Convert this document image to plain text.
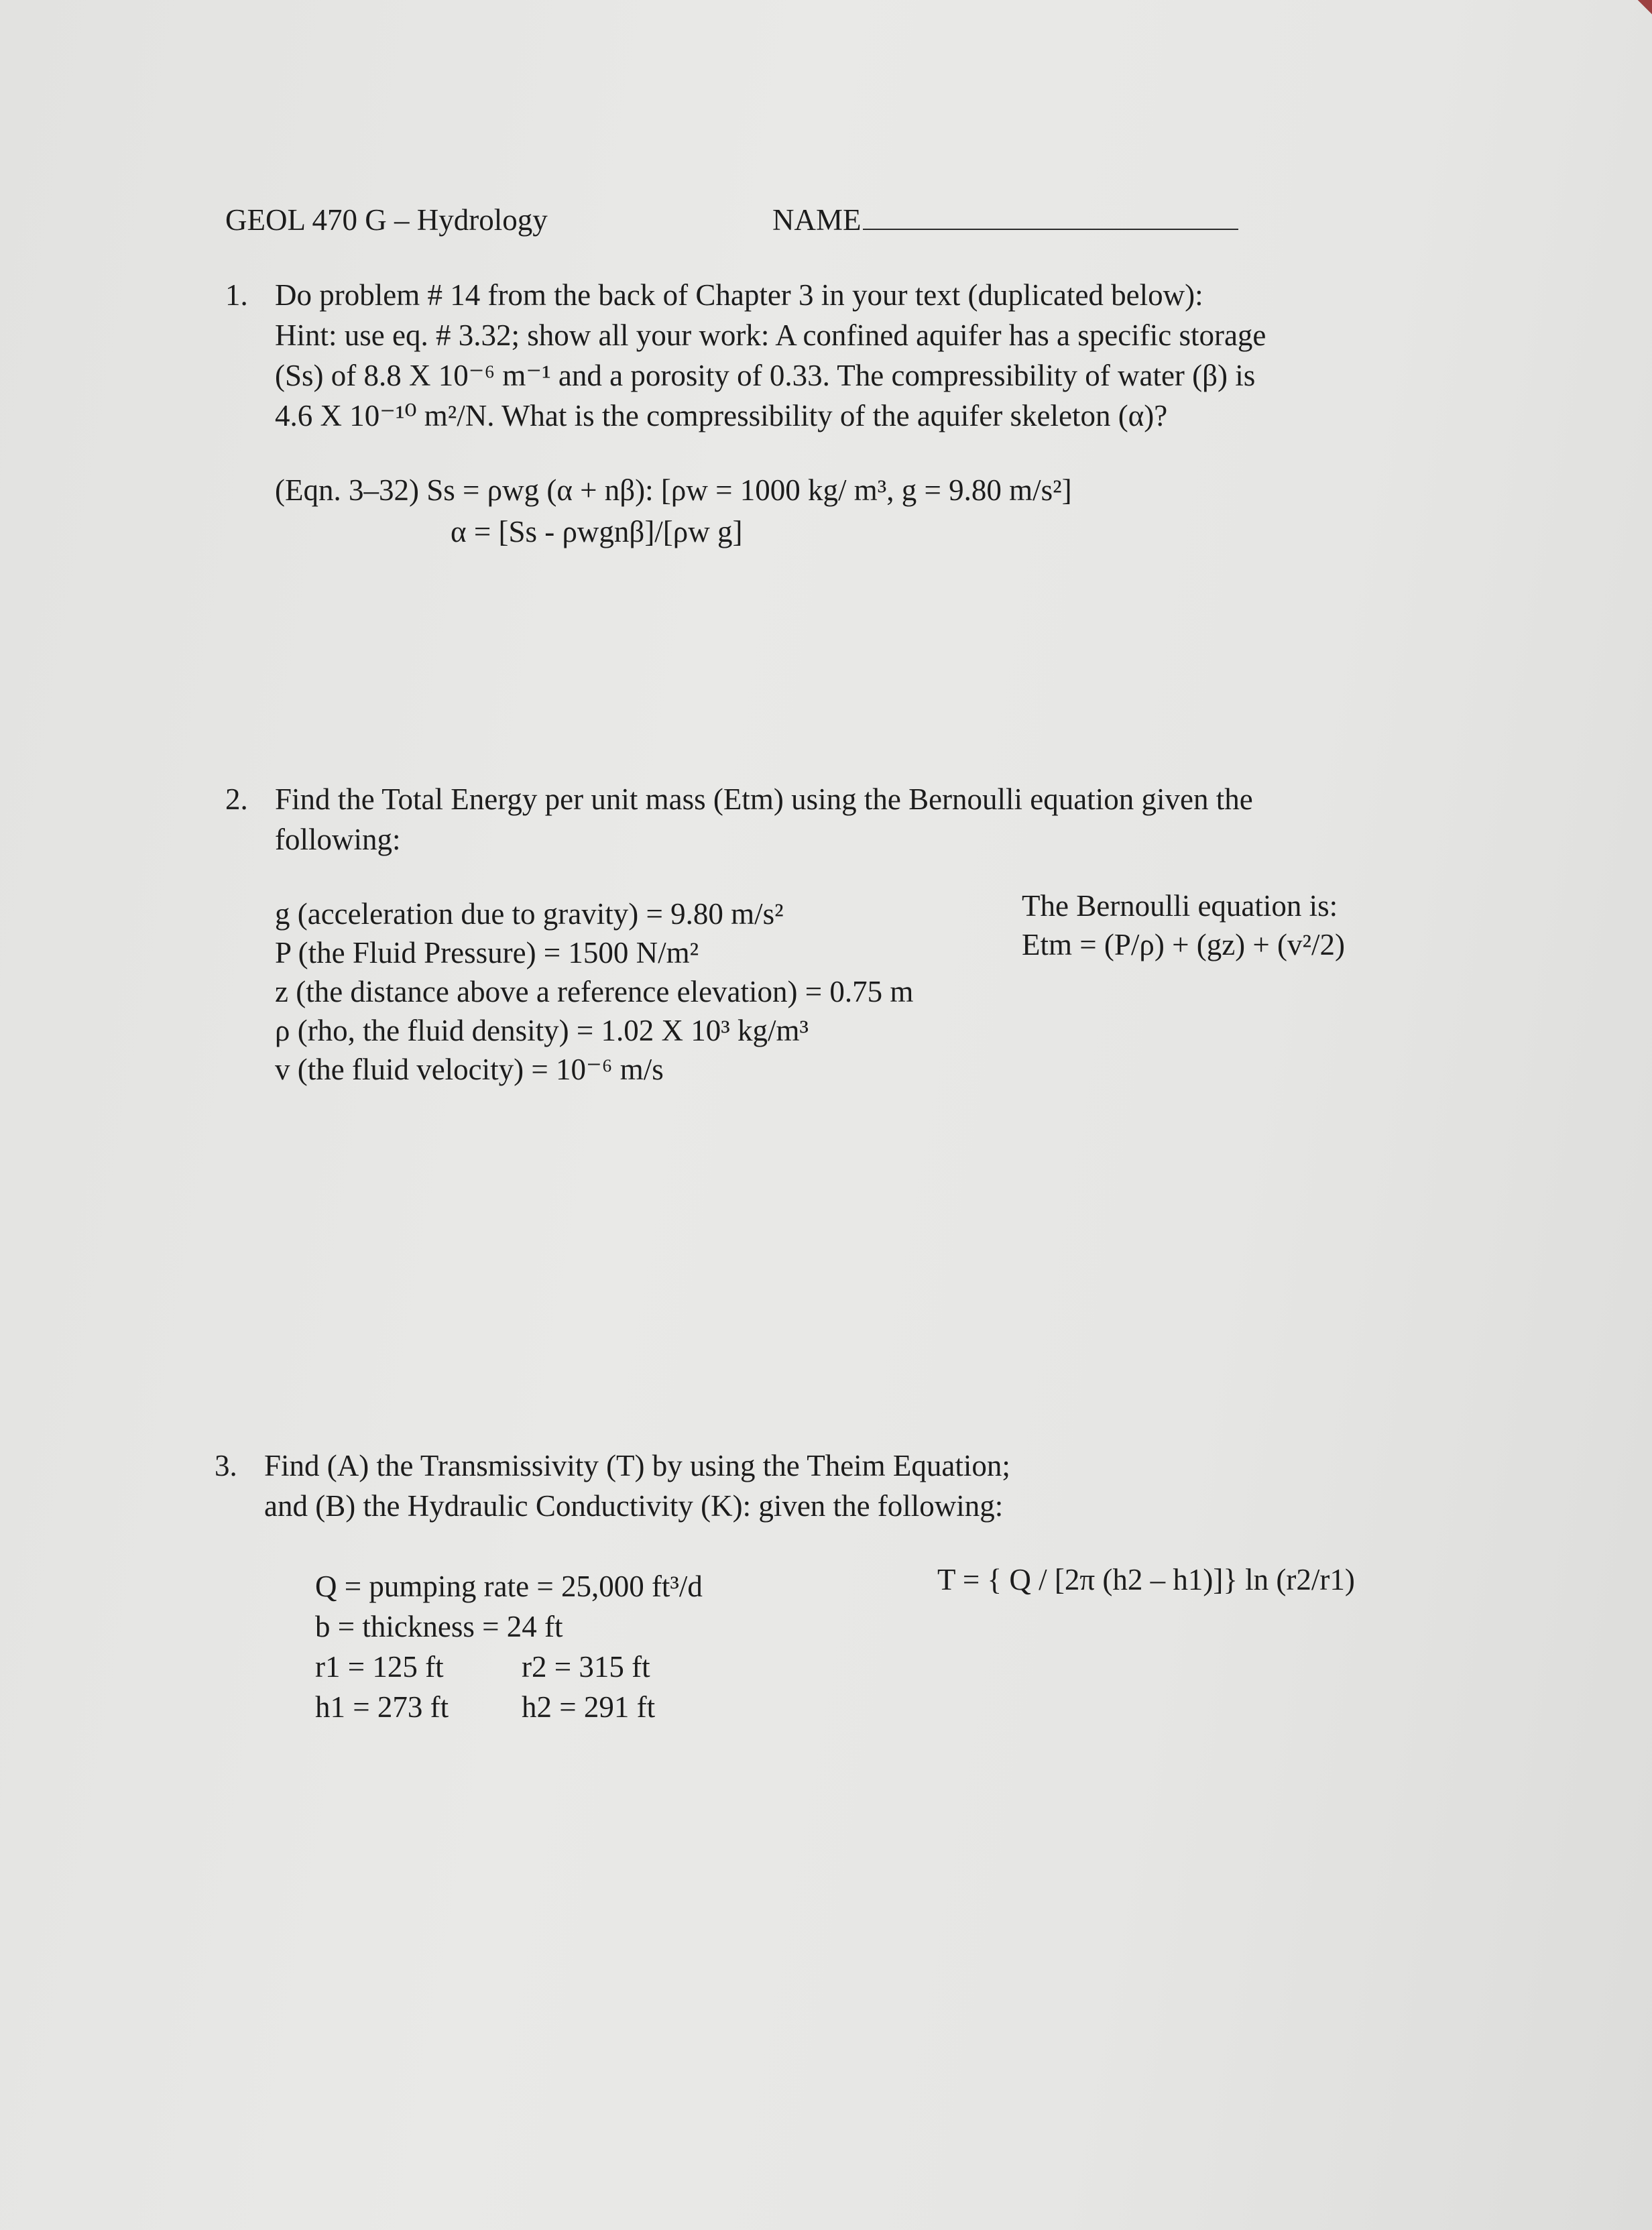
GEOL 470 G – Hydrology	NAME
1. Do problem # 14 from the back of Chapter 3 in your text (duplicated below):
Hint: use eq. # 3.32; show all your work: A confined aquifer has a specific storage
(Ss) of 8.8 X 10⁻⁶ m⁻¹ and a porosity of 0.33. The compressibility of water (β) is
4.6 X 10⁻¹⁰ m²/N. What is the compressibility of the aquifer skeleton (α)?
(Eqn. 3–32) Ss = ρwg (α + nβ): [ρw = 1000 kg/ m³, g = 9.80 m/s²]
α = [Ss - ρwgnβ]/[ρw g]
2. Find the Total Energy per unit mass (Etm) using the Bernoulli equation given the
following:
g (acceleration due to gravity) = 9.80 m/s²
P (the Fluid Pressure) = 1500 N/m²
z (the distance above a reference elevation) = 0.75 m
ρ (rho, the fluid density) = 1.02 X 10³ kg/m³
v (the fluid velocity) = 10⁻⁶ m/s
The Bernoulli equation is:
Etm = (P/ρ) + (gz) + (v²/2)
3. Find (A) the Transmissivity (T) by using the Theim Equation;
and (B) the Hydraulic Conductivity (K): given the following:
Q = pumping rate = 25,000 ft³/d
b = thickness = 24 ft
r1 = 125 ft	r2 = 315 ft
h1 = 273 ft h2 = 291 ft
T = { Q / [2π (h2 – h1)]} ln (r2/r1)
